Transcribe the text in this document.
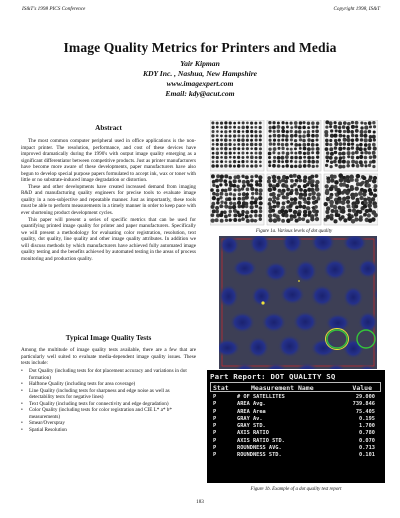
IS&T's 1998 PICS Conference	Copyright 1998, IS&T
Image Quality Metrics for Printers and Media
Yair Kipman
KDY Inc. , Nashua, New Hampshire
www.imagexpert.com
Email: kdy@acut.com
Abstract

The most common computer peripheral used in office applications is the non-impact printer. The resolution, performance, and cost of these devices have improved dramatically during the 1990's with output image quality emerging as a significant differentiator between competitive products. Just as printer manufacturers have become more aware of these developments, paper manufacturers have also begun to develop special purpose papers formulated to accept ink, wax or toner with little or no substrate-induced image degradation or distortion.

These and other developments have created increased demand from imaging R&D and manufacturing quality engineers for precise tools to evaluate image quality in a non-subjective and repeatable manner. Just as importantly, these tools must be able to perform measurements in a timely manner in order to keep pace with ever shortening product development cycles.

This paper will present a series of specific metrics that can be used for quantifying printed image quality for printer and paper manufacturers. Specifically we will present a methodology for evaluating color registration, resolution, text quality, dot quality, line quality and other image quality attributes. In addition we will discuss methods by which manufacturers have achieved fully automated image quality testing and the benefits achieved by automated testing in the areas of process monitoring and production quality.

Typical Image Quality Tests

Among the multitude of image quality tests available, there are a few that are particularly well suited to evaluate media-dependent image quality issues. These tests include:

• Dot Quality (including tests for dot placement accuracy and variations in dot formation)
• Halftone Quality (including tests for area coverage)
• Line Quality (including tests for sharpness and edge noise as well as detectability tests for negative lines)
• Text Quality (including tests for connectivity and edge degradation)
• Color Quality (including tests for color registration and CIE L* a* b* measurements)
• Smear/Overspray
• Spatial Resolution
Figure 1a. Various levels of dot quality
Part Report: DOT QUALITY SQ
Stat	Measurement Name	Value
P	# OF SATELLITES	29.000
P	AREA Avg.	739.846
P	AREA Area	75.405
P	GRAY Av.	0.195
P	GRAY STD.	1.700
P	AXIS RATIO	0.780
P	AXIS RATIO STD.	0.070
P	ROUNDNESS AVG.	0.713
P	ROUNDNESS STD.	0.101
Figure 1b. Example of a dot quality test report
183
